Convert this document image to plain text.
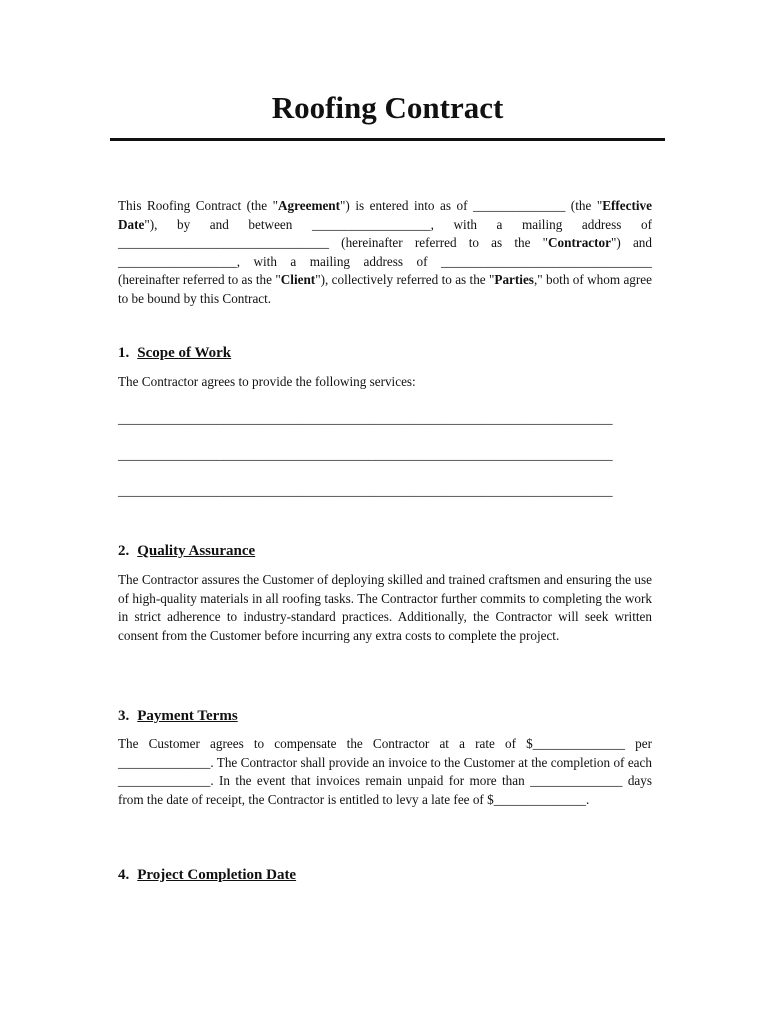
Roofing Contract

This Roofing Contract (the "Agreement") is entered into as of ______________ (the "Effective Date"), by and between __________________, with a mailing address of ________________________________ (hereinafter referred to as the "Contractor") and __________________, with a mailing address of ________________________________ (hereinafter referred to as the "Client"), collectively referred to as the "Parties," both of whom agree to be bound by this Contract.

1. Scope of Work

The Contractor agrees to provide the following services:

___________________________________________________________________________

___________________________________________________________________________

___________________________________________________________________________

2. Quality Assurance

The Contractor assures the Customer of deploying skilled and trained craftsmen and ensuring the use of high-quality materials in all roofing tasks. The Contractor further commits to completing the work in strict adherence to industry-standard practices. Additionally, the Contractor will seek written consent from the Customer before incurring any extra costs to complete the project.

3. Payment Terms

The Customer agrees to compensate the Contractor at a rate of $______________ per ______________. The Contractor shall provide an invoice to the Customer at the completion of each ______________. In the event that invoices remain unpaid for more than ______________ days from the date of receipt, the Contractor is entitled to levy a late fee of $______________.

4. Project Completion Date
